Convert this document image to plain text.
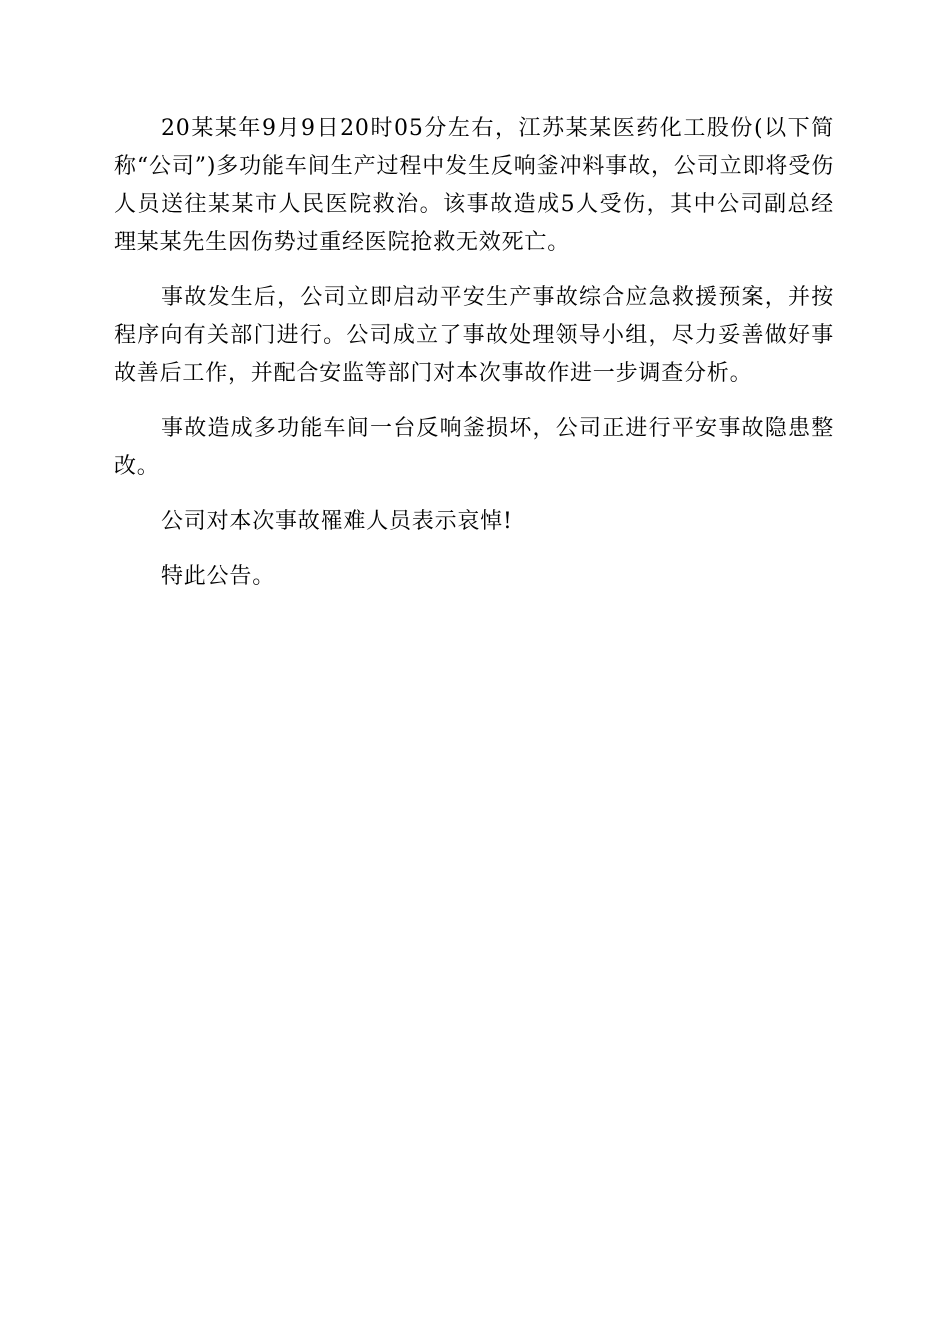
20某某年9月9日20时05分左右，江苏某某医药化工股份(以下简称“公司”)多功能车间生产过程中发生反响釜冲料事故，公司立即将受伤人员送往某某市人民医院救治。该事故造成5人受伤，其中公司副总经理某某先生因伤势过重经医院抢救无效死亡。

事故发生后，公司立即启动平安生产事故综合应急救援预案，并按程序向有关部门进行。公司成立了事故处理领导小组，尽力妥善做好事故善后工作，并配合安监等部门对本次事故作进一步调查分析。

事故造成多功能车间一台反响釜损坏，公司正进行平安事故隐患整改。

公司对本次事故罹难人员表示哀悼!

特此公告。
